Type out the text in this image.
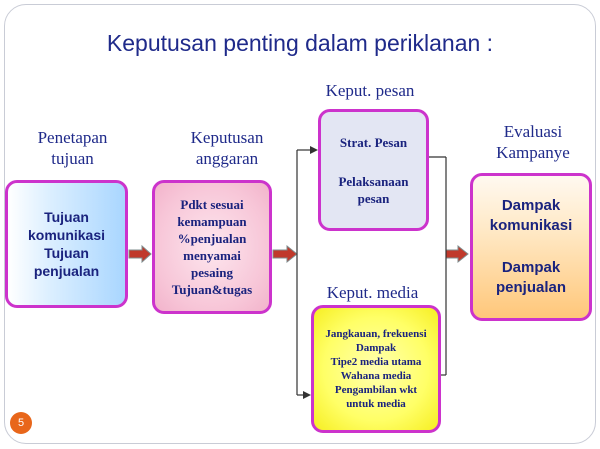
Keputusan penting dalam periklanan :
Penetapan
tujuan
Keputusan
anggaran
Keput. pesan
Keput. media
Evaluasi
Kampanye
Tujuan
komunikasi
Tujuan
penjualan
Pdkt sesuai
kemampuan
%penjualan
menyamai
pesaing
Tujuan&tugas
Strat. Pesan
Pelaksanaan
pesan
Jangkauan, frekuensi
Dampak
Tipe2 media utama
Wahana media
Pengambilan wkt
untuk media
Dampak
komunikasi
Dampak
penjualan
5
